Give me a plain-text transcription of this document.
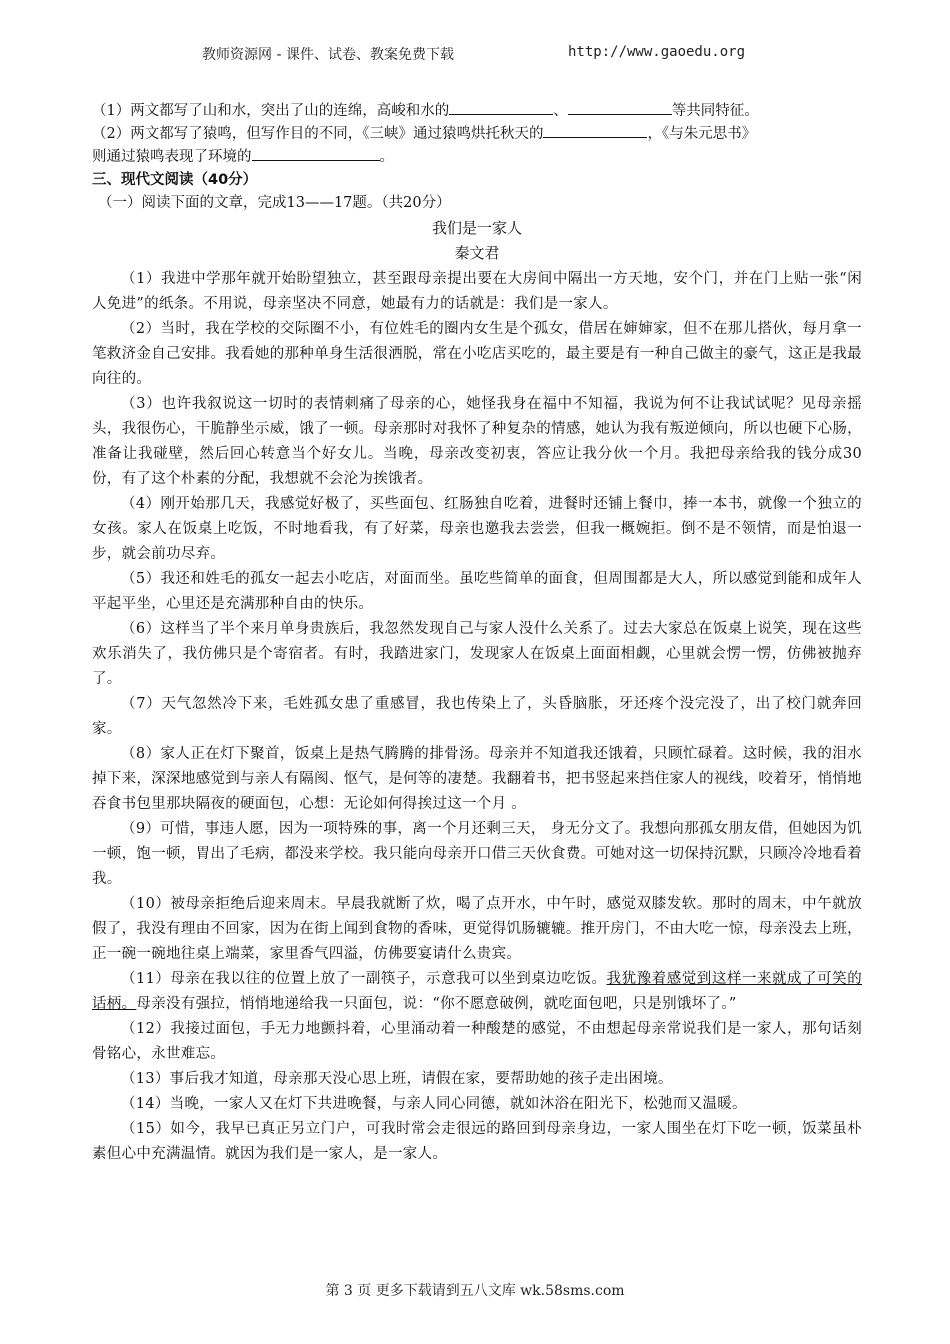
教师资源网 - 课件、试卷、教案免费下载	http://www.gaoedu.org

（1）两文都写了山和水，突出了山的连绵，高峻和水的	、	等共同特征。

（2）两文都写了猿鸣，但写作目的不同，《三峡》通过猿鸣烘托秋天的	，《与朱元思书》

则通过猿鸣表现了环境的	。

三、现代文阅读（40分）

（一）阅读下面的文章，完成13——17题。（共20分）

我们是一家人

秦文君

（1）我进中学那年就开始盼望独立，甚至跟母亲提出要在大房间中隔出一方天地，安个门，并在门上贴一张“闲人免进”的纸条。不用说，母亲坚决不同意，她最有力的话就是：我们是一家人。

（2）当时，我在学校的交际圈不小，有位姓毛的圈内女生是个孤女，借居在婶婶家，但不在那儿搭伙，每月拿一笔救济金自己安排。我看她的那种单身生活很洒脱，常在小吃店买吃的，最主要是有一种自己做主的豪气，这正是我最向往的。

（3）也许我叙说这一切时的表情刺痛了母亲的心，她怪我身在福中不知福，我说为何不让我试试呢？见母亲摇头，我很伤心，干脆静坐示威，饿了一顿。母亲那时对我怀了种复杂的情感，她认为我有叛逆倾向，所以也硬下心肠，准备让我碰壁，然后回心转意当个好女儿。当晚，母亲改变初衷，答应让我分伙一个月。我把母亲给我的钱分成30份，有了这个朴素的分配，我想就不会沦为挨饿者。

（4）刚开始那几天，我感觉好极了，买些面包、红肠独自吃着，进餐时还铺上餐巾，捧一本书，就像一个独立的女孩。家人在饭桌上吃饭，不时地看我，有了好菜，母亲也邀我去尝尝，但我一概婉拒。倒不是不领情，而是怕退一步，就会前功尽弃。

（5）我还和姓毛的孤女一起去小吃店，对面而坐。虽吃些简单的面食，但周围都是大人，所以感觉到能和成年人平起平坐，心里还是充满那种自由的快乐。

（6）这样当了半个来月单身贵族后，我忽然发现自己与家人没什么关系了。过去大家总在饭桌上说笑，现在这些欢乐消失了，我仿佛只是个寄宿者。有时，我踏进家门，发现家人在饭桌上面面相觑，心里就会愣一愣，仿佛被抛弃了。

（7）天气忽然冷下来，毛姓孤女患了重感冒，我也传染上了，头昏脑胀，牙还疼个没完没了，出了校门就奔回家。

（8）家人正在灯下聚首，饭桌上是热气腾腾的排骨汤。母亲并不知道我还饿着，只顾忙碌着。这时候，我的泪水掉下来，深深地感觉到与亲人有隔阂、怄气，是何等的凄楚。我翻着书，把书竖起来挡住家人的视线，咬着牙，悄悄地吞食书包里那块隔夜的硬面包，心想：无论如何得挨过这一个月 。

（9）可惜，事违人愿，因为一项特殊的事，离一个月还剩三天， 身无分文了。我想向那孤女朋友借，但她因为饥一顿，饱一顿，胃出了毛病，都没来学校。我只能向母亲开口借三天伙食费。可她对这一切保持沉默，只顾冷冷地看着我。

（10）被母亲拒绝后迎来周末。早晨我就断了炊，喝了点开水，中午时，感觉双膝发软。那时的周末，中午就放假了，我没有理由不回家，因为在街上闻到食物的香味，更觉得饥肠辘辘。推开房门，不由大吃一惊，母亲没去上班，正一碗一碗地往桌上端菜，家里香气四溢，仿佛要宴请什么贵宾。

（11）母亲在我以往的位置上放了一副筷子，示意我可以坐到桌边吃饭。我犹豫着感觉到这样一来就成了可笑的话柄。母亲没有强拉，悄悄地递给我一只面包，说：“你不愿意破例，就吃面包吧，只是别饿坏了。”

（12）我接过面包，手无力地颤抖着，心里涌动着一种酸楚的感觉，不由想起母亲常说我们是一家人，那句话刻骨铭心，永世难忘。

（13）事后我才知道，母亲那天没心思上班，请假在家，要帮助她的孩子走出困境。

（14）当晚，一家人又在灯下共进晚餐，与亲人同心同德，就如沐浴在阳光下，松弛而又温暖。

（15）如今，我早已真正另立门户，可我时常会走很远的路回到母亲身边，一家人围坐在灯下吃一顿，饭菜虽朴素但心中充满温情。就因为我们是一家人，是一家人。

第 3 页 更多下载请到五八文库 wk.58sms.com
